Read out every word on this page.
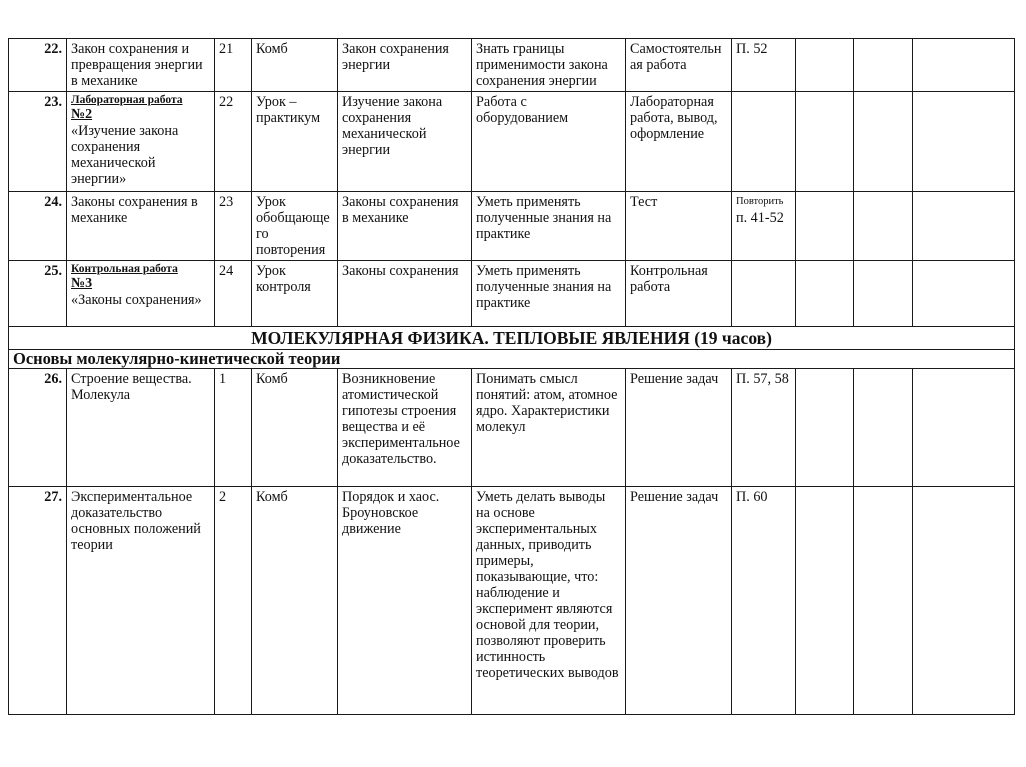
22.	Закон сохранения и превращения энергии в механике	21	Комб	Закон сохранения энергии	Знать границы применимости закона сохранения энергии	Самостоятельная работа	П. 52			
23.	Лабораторная работа
№2
«Изучение закона сохранения механической энергии»	22	Урок – практикум	Изучение закона сохранения механической энергии	Работа с оборудованием	Лабораторная работа, вывод, оформление				
24.	Законы сохранения в механике	23	Урок обобщающего повторения	Законы сохранения в механике	Уметь применять полученные знания на практике	Тест	Повторить
п. 41-52			

25.	Контрольная работа
№3
«Законы сохранения»	24	Урок контроля	Законы сохранения	Уметь применять полученные знания на практике	Контрольная работа				
МОЛЕКУЛЯРНАЯ ФИЗИКА. ТЕПЛОВЫЕ ЯВЛЕНИЯ (19 часов)										
Основы молекулярно-кинетической теории										
26.	Строение вещества. Молекула	1	Комб	Возникновение атомистической гипотезы строения вещества и её экспериментальное доказательство.	Понимать смысл понятий: атом, атомное ядро. Характеристики молекул	Решение задач	П. 57, 58			
27.	Экспериментальное доказательство основных положений теории	2	Комб	Порядок и хаос. Броуновское движение	Уметь делать выводы на основе экспериментальных данных, приводить примеры, показывающие, что: наблюдение и эксперимент являются основой для теории, позволяют проверить истинность теоретических выводов	Решение задач	П. 60			
